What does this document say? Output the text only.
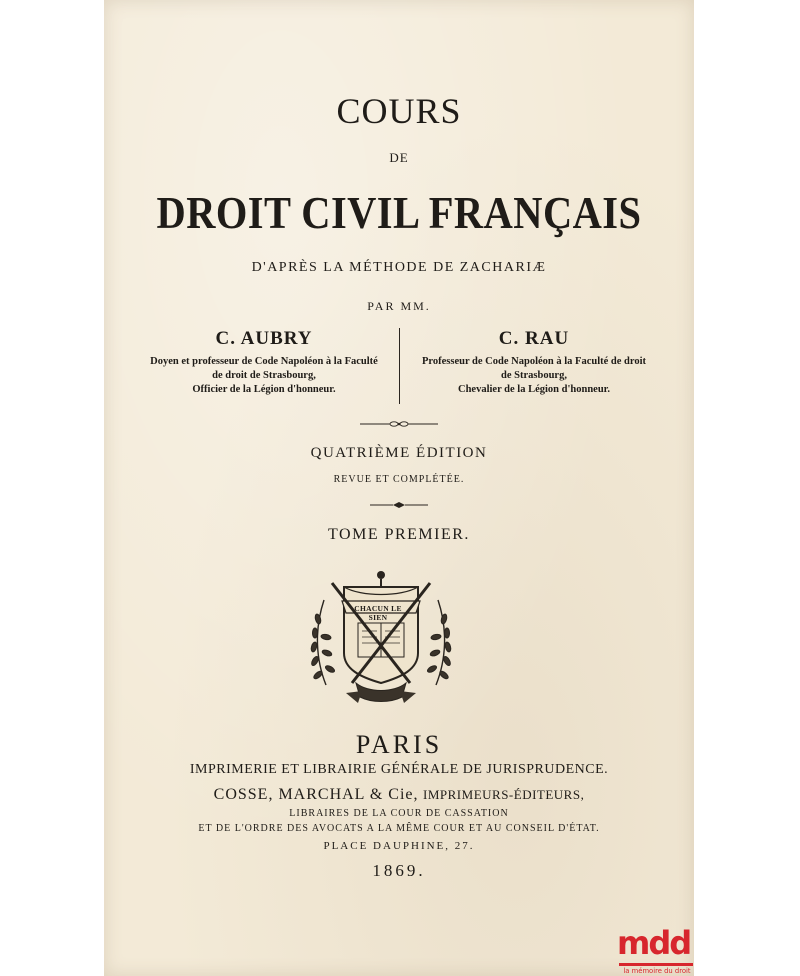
COURS
DE
DROIT CIVIL FRANÇAIS
D'APRÈS LA MÉTHODE DE ZACHARIÆ
PAR MM.
C. AUBRY
Doyen et professeur de Code Napoléon à la Faculté
de droit de Strasbourg,
Officier de la Légion d'honneur.
C. RAU
Professeur de Code Napoléon à la Faculté de droit
de Strasbourg,
Chevalier de la Légion d'honneur.
QUATRIÈME ÉDITION
REVUE ET COMPLÉTÉE.
TOME PREMIER.
CHACUN LE SIEN
PARIS
IMPRIMERIE ET LIBRAIRIE GÉNÉRALE DE JURISPRUDENCE.
COSSE, MARCHAL & Cie, IMPRIMEURS-ÉDITEURS,
LIBRAIRES DE LA COUR DE CASSATION
ET DE L'ORDRE DES AVOCATS A LA MÊME COUR ET AU CONSEIL D'ÉTAT.
PLACE DAUPHINE, 27.
1869.
mdd
la mémoire du droit
